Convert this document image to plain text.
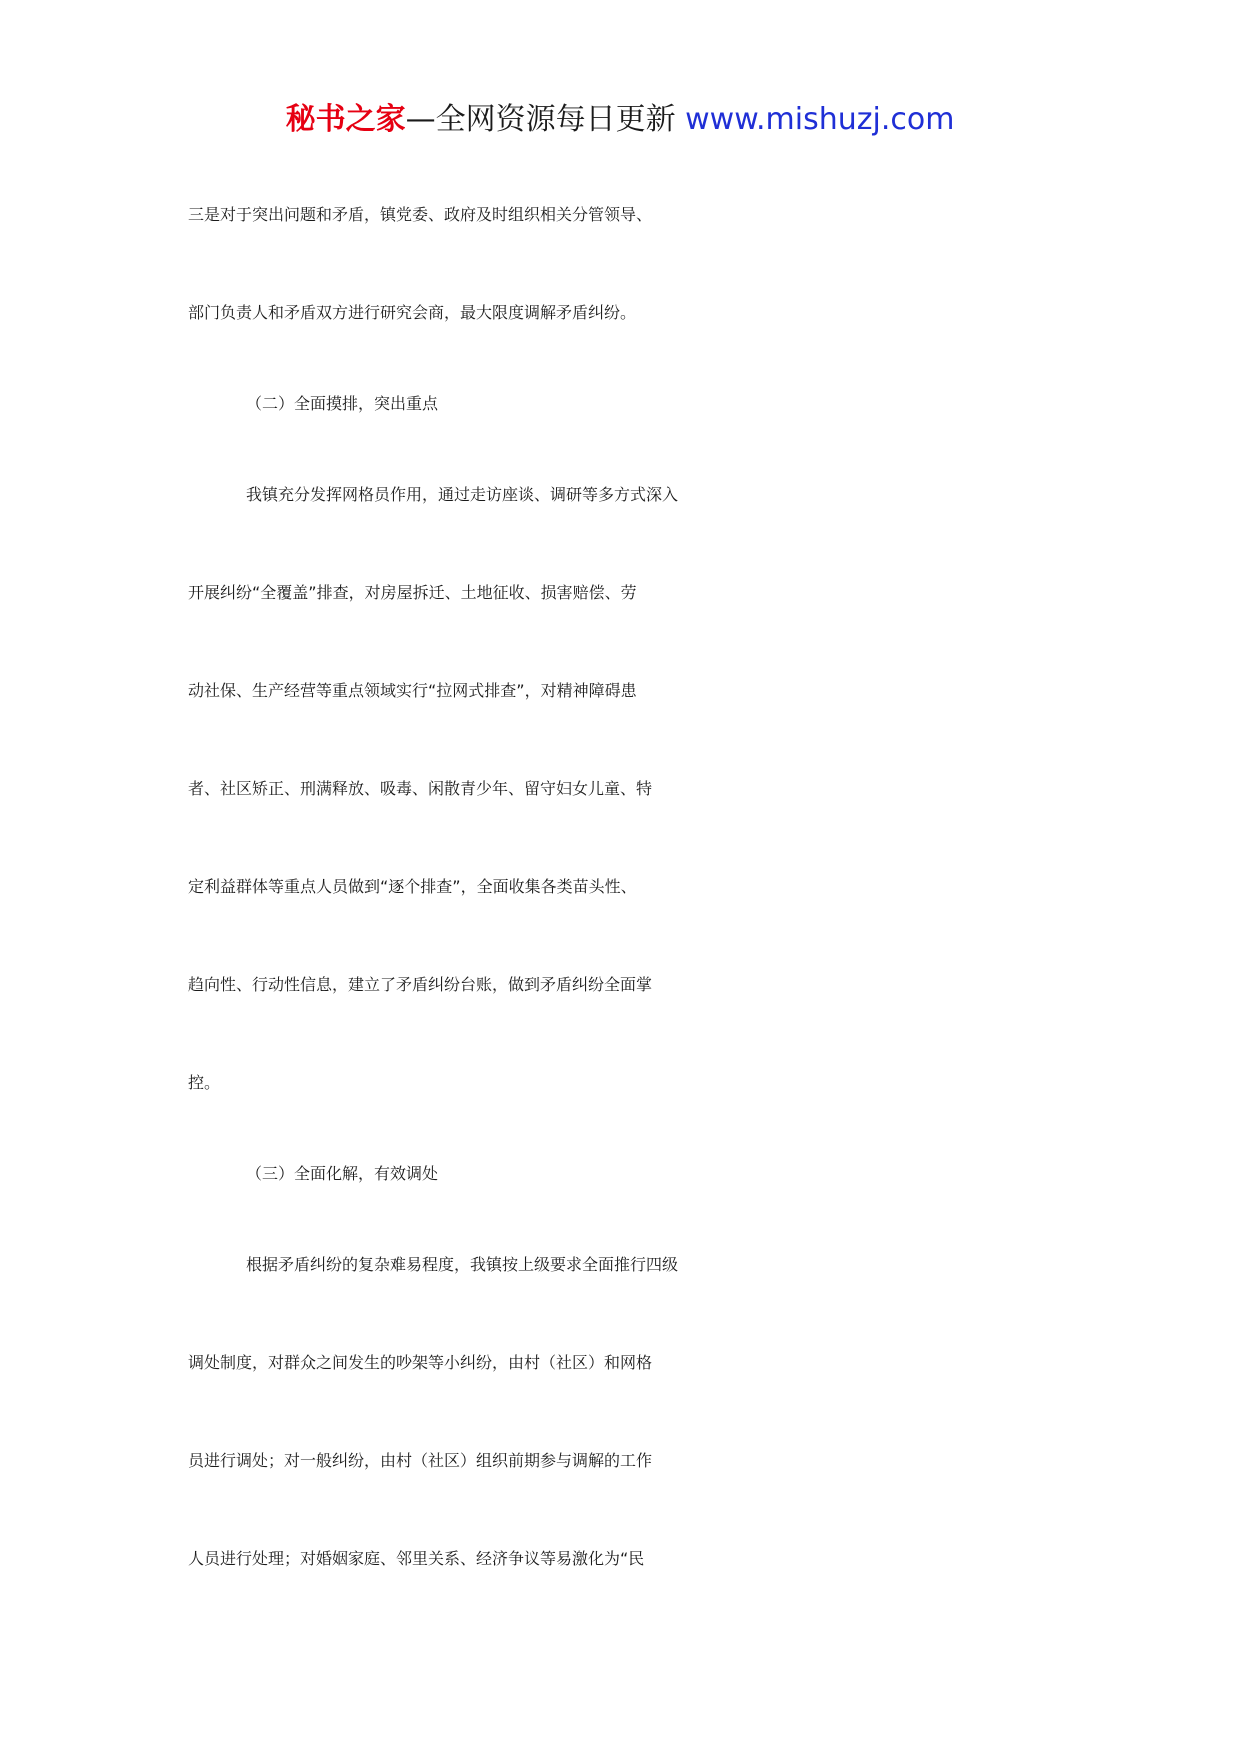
秘书之家—全网资源每日更新 www.mishuzj.com
三是对于突出问题和矛盾，镇党委、政府及时组织相关分管领导、
部门负责人和矛盾双方进行研究会商，最大限度调解矛盾纠纷。
（二）全面摸排，突出重点
我镇充分发挥网格员作用，通过走访座谈、调研等多方式深入
开展纠纷“全覆盖”排查，对房屋拆迁、土地征收、损害赔偿、劳
动社保、生产经营等重点领域实行“拉网式排查”，对精神障碍患
者、社区矫正、刑满释放、吸毒、闲散青少年、留守妇女儿童、特
定利益群体等重点人员做到“逐个排查”，全面收集各类苗头性、
趋向性、行动性信息，建立了矛盾纠纷台账，做到矛盾纠纷全面掌
控。
（三）全面化解，有效调处
根据矛盾纠纷的复杂难易程度，我镇按上级要求全面推行四级
调处制度，对群众之间发生的吵架等小纠纷，由村（社区）和网格
员进行调处；对一般纠纷，由村（社区）组织前期参与调解的工作
人员进行处理；对婚姻家庭、邻里关系、经济争议等易激化为“民
